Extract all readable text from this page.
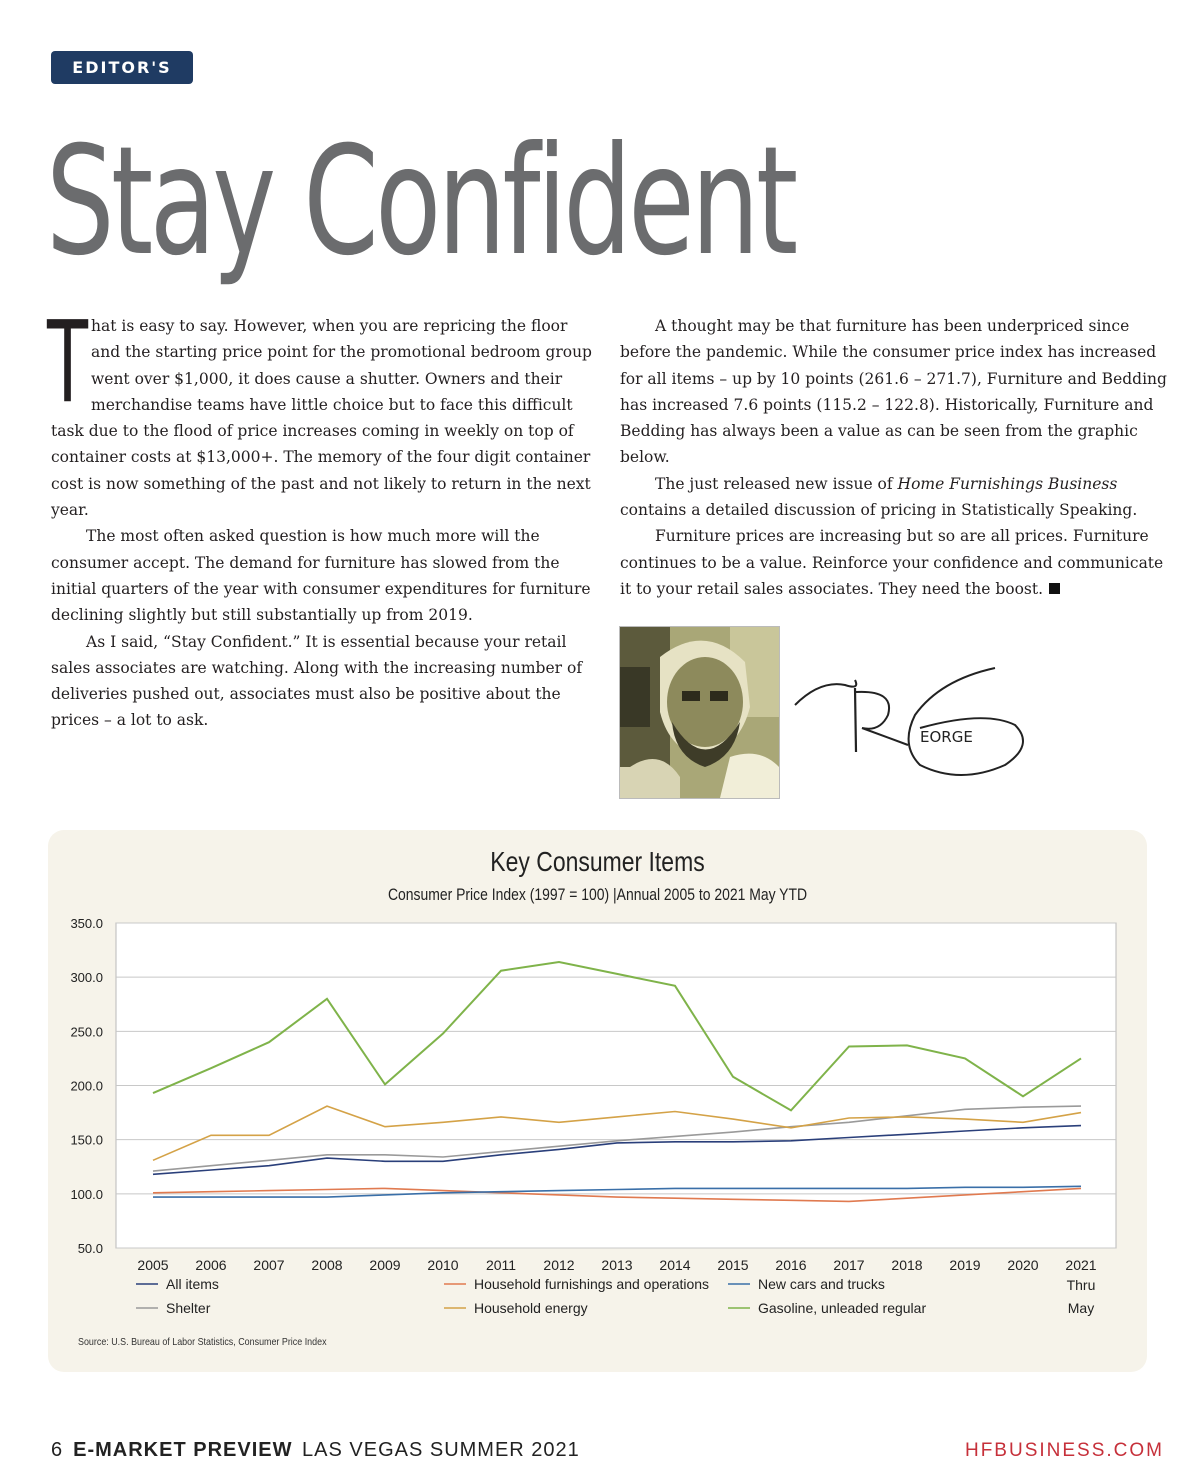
EDITOR'S NOTE
Stay Confident

That is easy to say. However, when you are repricing the floor and the starting price point for the promotional bedroom group went over $1,000, it does cause a shutter. Owners and their merchandise teams have little choice but to face this difficult task due to the flood of price increases coming in weekly on top of container costs at $13,000+. The memory of the four digit container cost is now something of the past and not likely to return in the next year.

The most often asked question is how much more will the consumer accept. The demand for furniture has slowed from the initial quarters of the year with consumer expenditures for furniture declining slightly but still substantially up from 2019.

As I said, “Stay Confident.” It is essential because your retail sales associates are watching. Along with the increasing number of deliveries pushed out, associates must also be positive about the prices – a lot to ask.

A thought may be that furniture has been underpriced since before the pandemic. While the consumer price index has increased for all items – up by 10 points (261.6 – 271.7), Furniture and Bedding has increased 7.6 points (115.2 – 122.8). Historically, Furniture and Bedding has always been a value as can be seen from the graphic below.

The just released new issue of Home Furnishings Business contains a detailed discussion of pricing in Statistically Speaking.

Furniture prices are increasing but so are all prices. Furniture continues to be a value. Reinforce your confidence and communicate it to your retail sales associates. They need the boost.

EORGE
Key Consumer Items
Consumer Price Index (1997 = 100) |Annual 2005 to 2021 May YTD
350.0
300.0
250.0
200.0
150.0
100.0
50.0
2005 2006 2007 2008 2009 2010 2011 2012 2013 2014 2015 2016 2017 2018 2019 2020 2021
Thru
May
All items	Household furnishings and operations	New cars and trucks
Shelter	Household energy	Gasoline, unleaded regular
Source: U.S. Bureau of Labor Statistics, Consumer Price Index
6 E-MARKET PREVIEW LAS VEGAS SUMMER 2021	HFBUSINESS.COM
